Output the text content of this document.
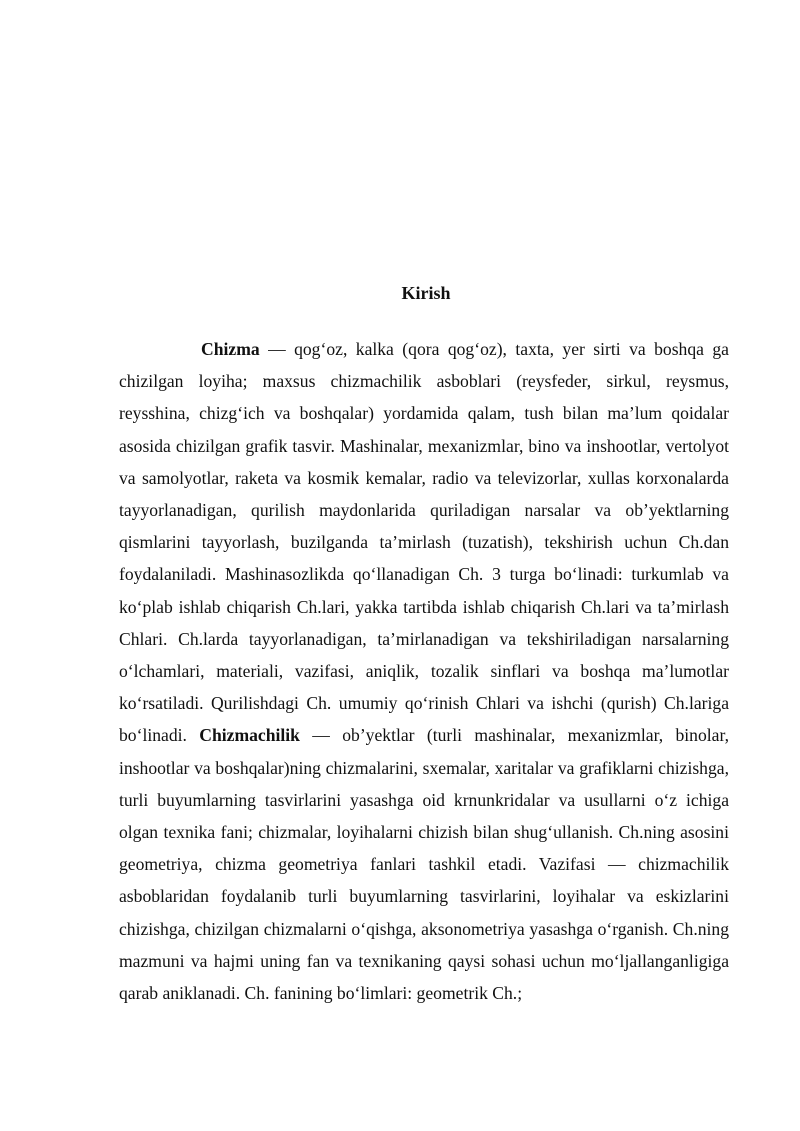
Kirish

Chizma — qog‘oz, kalka (qora qog‘oz), taxta, yer sirti va boshqa ga chizilgan loyiha; maxsus chizmachilik asboblari (reysfeder, sirkul, reysmus, reysshina, chizg‘ich va boshqalar) yordamida qalam, tush bilan ma’lum qoidalar asosida chizilgan grafik tasvir. Mashinalar, mexanizmlar, bino va inshootlar, vertolyot va samolyotlar, raketa va kosmik kemalar, radio va televizorlar, xullas korxonalarda tayyorlanadigan, qurilish maydonlarida quriladigan narsalar va ob’yektlarning qismlarini tayyorlash, buzilganda ta’mirlash (tuzatish), tekshirish uchun Ch.dan foydalaniladi. Mashinasozlikda qo‘llanadigan Ch. 3 turga bo‘linadi: turkumlab va ko‘plab ishlab chiqarish Ch.lari, yakka tartibda ishlab chiqarish Ch.lari va ta’mirlash Chlari. Ch.larda tayyorlanadigan, ta’mirlanadigan va tekshiriladigan narsalarning o‘lchamlari, materiali, vazifasi, aniqlik, tozalik sinflari va boshqa ma’lumotlar ko‘rsatiladi. Qurilishdagi Ch. umumiy qo‘rinish Chlari va ishchi (qurish) Ch.lariga bo‘linadi. Chizmachilik — ob’yektlar (turli mashinalar, mexanizmlar, binolar, inshootlar va boshqalar)ning chizmalarini, sxemalar, xaritalar va grafiklarni chizishga, turli buyumlarning tasvirlarini yasashga oid krnunkridalar va usullarni o‘z ichiga olgan texnika fani; chizmalar, loyihalarni chizish bilan shug‘ullanish. Ch.ning asosini geometriya, chizma geometriya fanlari tashkil etadi. Vazifasi — chizmachilik asboblaridan foydalanib turli buyumlarning tasvirlarini, loyihalar va eskizlarini chizishga, chizilgan chizmalarni o‘qishga, aksonometriya yasashga o‘rganish. Ch.ning mazmuni va hajmi uning fan va texnikaning qaysi sohasi uchun mo‘ljallanganligiga qarab aniklanadi. Ch. fanining bo‘limlari: geometrik Ch.;
